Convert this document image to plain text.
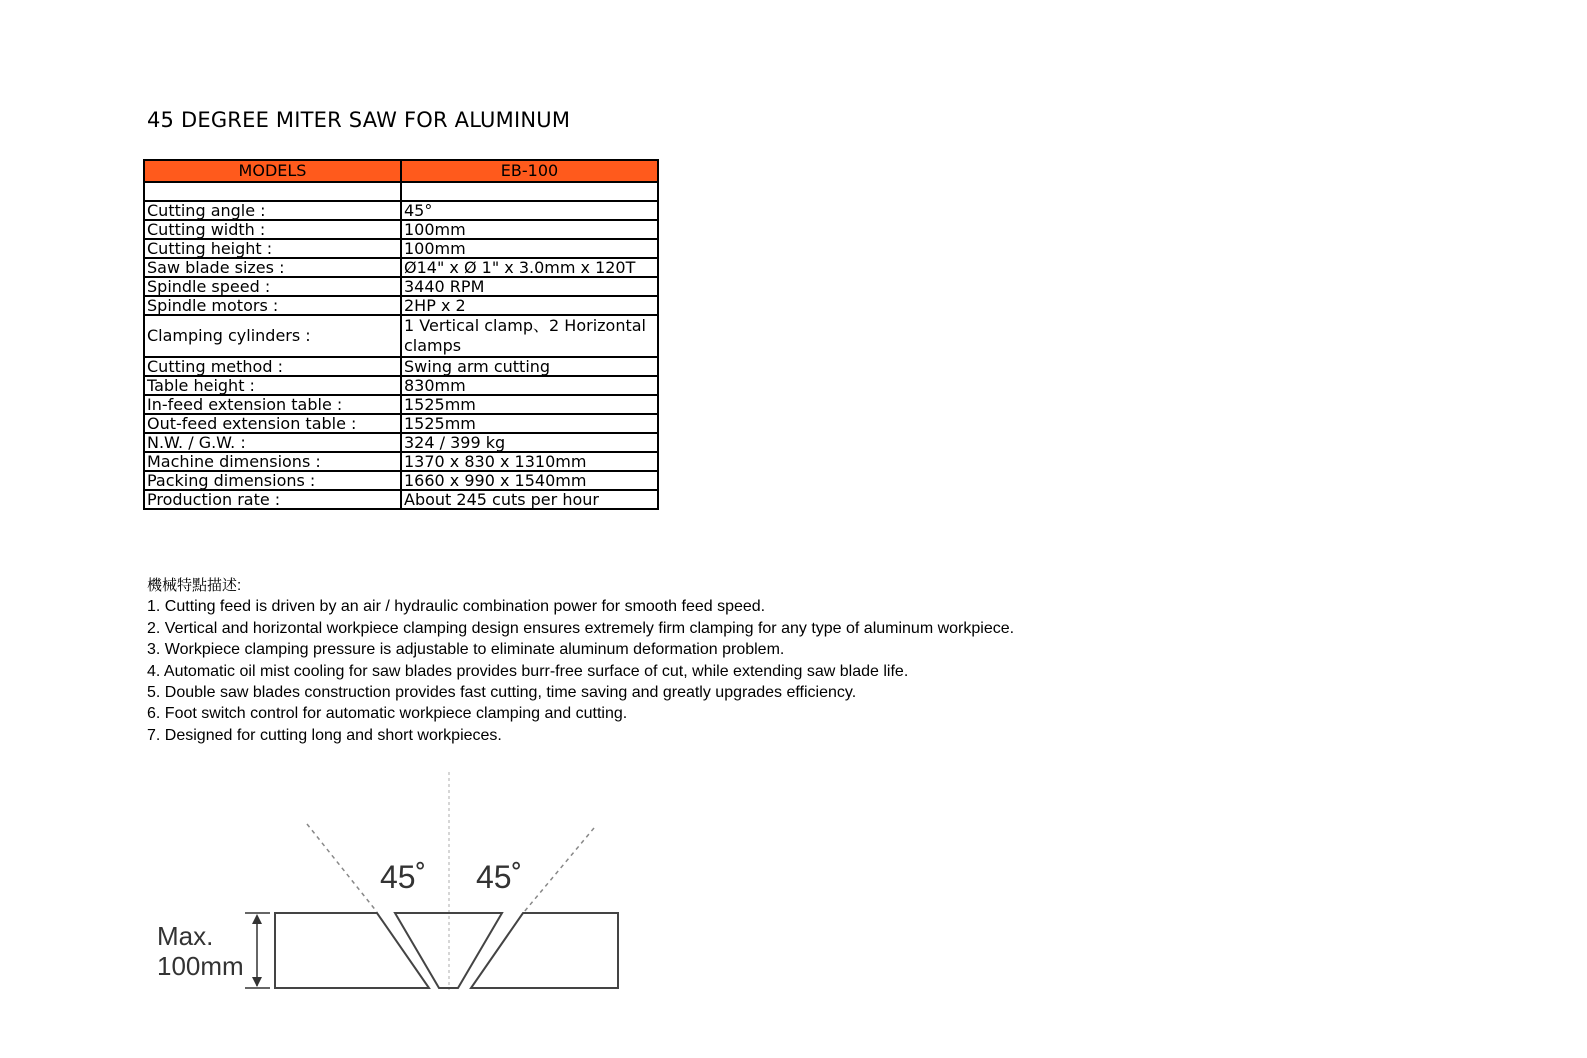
45 DEGREE MITER SAW FOR ALUMINUM
MODELS	EB-100

Cutting angle :	45°
Cutting width :	100mm
Cutting height :	100mm
Saw blade sizes :	Ø14" x Ø 1" x 3.0mm x 120T
Spindle speed :	3440 RPM
Spindle motors :	2HP x 2
Clamping cylinders :	1 Vertical clamp、2 Horizontal clamps
Cutting method :	Swing arm cutting
Table height :	830mm
In-feed extension table :	1525mm
Out-feed extension table :	1525mm
N.W. / G.W. :	324 / 399 kg
Machine dimensions :	1370 x 830 x 1310mm
Packing dimensions :	1660 x 990 x 1540mm
Production rate :	About 245 cuts per hour
機械特點描述:
1. Cutting feed is driven by an air / hydraulic combination power for smooth feed speed.
2. Vertical and horizontal workpiece clamping design ensures extremely firm clamping for any type of aluminum workpiece.
3. Workpiece clamping pressure is adjustable to eliminate aluminum deformation problem.
4. Automatic oil mist cooling for saw blades provides burr-free surface of cut, while extending saw blade life.
5. Double saw blades construction provides fast cutting, time saving and greatly upgrades efficiency.
6. Foot switch control for automatic workpiece clamping and cutting.
7. Designed for cutting long and short workpieces.
45˚ 45˚
Max.
100mm
